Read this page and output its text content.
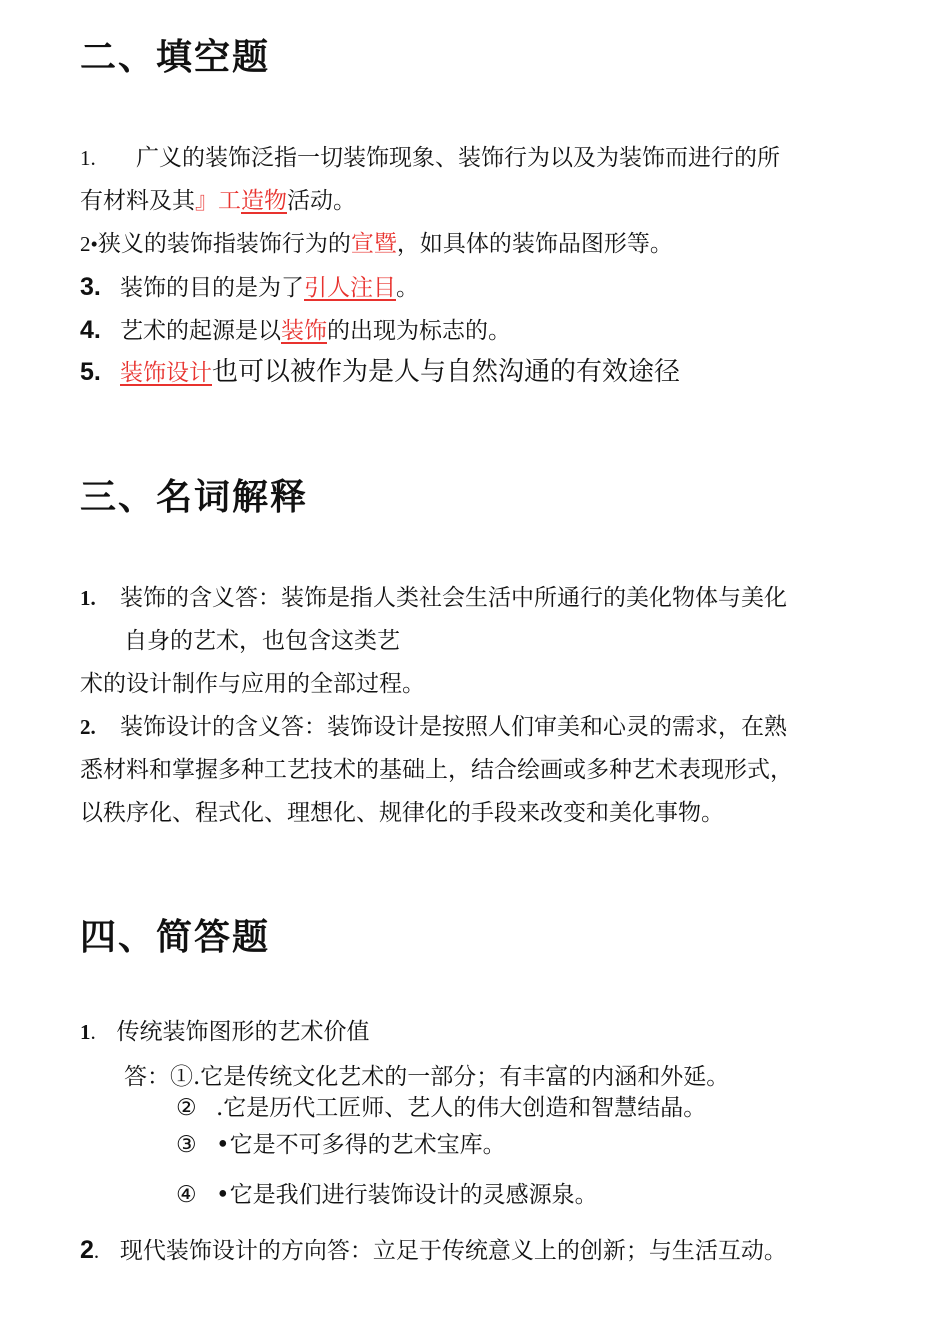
二、填空题
1. 广义的装饰泛指一切装饰现象、装饰行为以及为装饰而进行的所
有材料及其』工造物活动。
2•狭义的装饰指装饰行为的宣暨，如具体的装饰品图形等。
3. 装饰的目的是为了引人注目。
4. 艺术的起源是以装饰的出现为标志的。
5. 装饰设计也可以被作为是人与自然沟通的有效途径
三、名词解释
1. 装饰的含义答：装饰是指人类社会生活中所通行的美化物体与美化
自身的艺术，也包含这类艺
术的设计制作与应用的全部过程。
2. 装饰设计的含义答：装饰设计是按照人们审美和心灵的需求，在熟
悉材料和掌握多种工艺技术的基础上，结合绘画或多种艺术表现形式，
以秩序化、程式化、理想化、规律化的手段来改变和美化事物。
四、简答题
1. 传统装饰图形的艺术价值
答：①.它是传统文化艺术的一部分；有丰富的内涵和外延。
② .它是历代工匠师、艺人的伟大创造和智慧结晶。
③ •它是不可多得的艺术宝库。
④ •它是我们进行装饰设计的灵感源泉。
2. 现代装饰设计的方向答：立足于传统意义上的创新；与生活互动。
